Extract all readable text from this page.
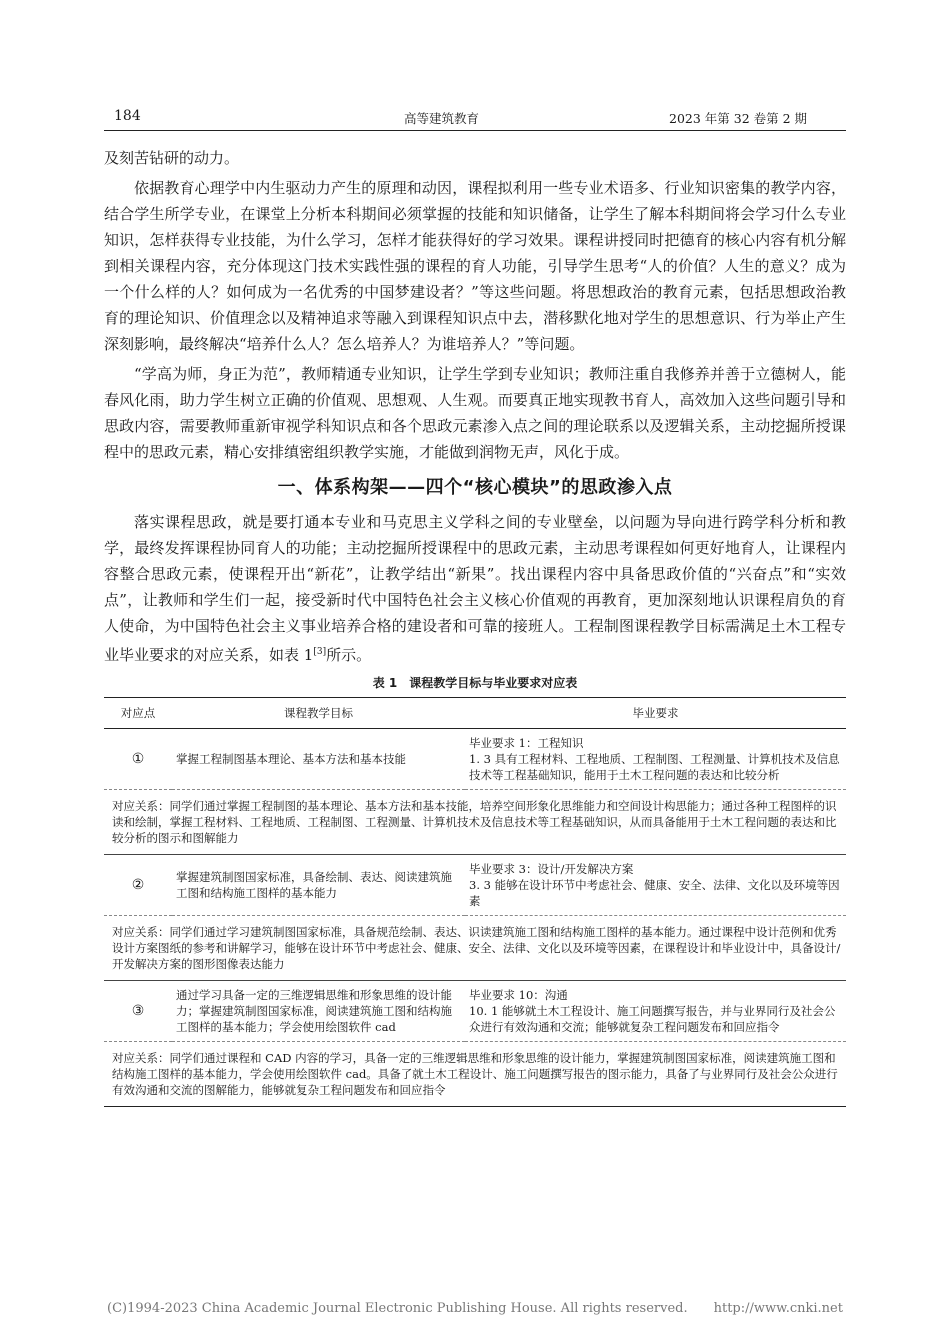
184	高等建筑教育	2023 年第 32 卷第 2 期

及刻苦钻研的动力。

依据教育心理学中内生驱动力产生的原理和动因，课程拟利用一些专业术语多、行业知识密集的教学内容，结合学生所学专业，在课堂上分析本科期间必须掌握的技能和知识储备，让学生了解本科期间将会学习什么专业知识，怎样获得专业技能，为什么学习，怎样才能获得好的学习效果。课程讲授同时把德育的核心内容有机分解到相关课程内容，充分体现这门技术实践性强的课程的育人功能，引导学生思考“人的价值？人生的意义？成为一个什么样的人？如何成为一名优秀的中国梦建设者？”等这些问题。将思想政治的教育元素，包括思想政治教育的理论知识、价值理念以及精神追求等融入到课程知识点中去，潜移默化地对学生的思想意识、行为举止产生深刻影响，最终解决“培养什么人？怎么培养人？为谁培养人？”等问题。

“学高为师，身正为范”，教师精通专业知识，让学生学到专业知识；教师注重自我修养并善于立德树人，能春风化雨，助力学生树立正确的价值观、思想观、人生观。而要真正地实现教书育人，高效加入这些问题引导和思政内容，需要教师重新审视学科知识点和各个思政元素渗入点之间的理论联系以及逻辑关系，主动挖掘所授课程中的思政元素，精心安排缜密组织教学实施，才能做到润物无声，风化于成。

一、体系构架——四个“核心模块”的思政渗入点

落实课程思政，就是要打通本专业和马克思主义学科之间的专业壁垒，以问题为导向进行跨学科分析和教学，最终发挥课程协同育人的功能；主动挖掘所授课程中的思政元素，主动思考课程如何更好地育人，让课程内容整合思政元素，使课程开出“新花”，让教学结出“新果”。找出课程内容中具备思政价值的“兴奋点”和“实效点”，让教师和学生们一起，接受新时代中国特色社会主义核心价值观的再教育，更加深刻地认识课程肩负的育人使命，为中国特色社会主义事业培养合格的建设者和可靠的接班人。工程制图课程教学目标需满足土木工程专业毕业要求的对应关系，如表 1[3]所示。

表 1　课程教学目标与毕业要求对应表
对应点	课程教学目标	毕业要求
①	掌握工程制图基本理论、基本方法和基本技能	毕业要求 1：工程知识
1. 3 具有工程材料、工程地质、工程制图、工程测量、计算机技术及信息技术等工程基础知识，能用于土木工程问题的表达和比较分析

对应关系：同学们通过掌握工程制图的基本理论、基本方法和基本技能，培养空间形象化思维能力和空间设计构思能力；通过各种工程图样的识读和绘制，掌握工程材料、工程地质、工程制图、工程测量、计算机技术及信息技术等工程基础知识，从而具备能用于土木工程问题的表达和比较分析的图示和图解能力		
②	掌握建筑制图国家标准，具备绘制、表达、阅读建筑施工图和结构施工图样的基本能力	毕业要求 3：设计/开发解决方案
3. 3 能够在设计环节中考虑社会、健康、安全、法律、文化以及环境等因素

对应关系：同学们通过学习建筑制图国家标准，具备规范绘制、表达、识读建筑施工图和结构施工图样的基本能力。通过课程中设计范例和优秀设计方案图纸的参考和讲解学习，能够在设计环节中考虑社会、健康、安全、法律、文化以及环境等因素，在课程设计和毕业设计中，具备设计/开发解决方案的图形图像表达能力		
③	通过学习具备一定的三维逻辑思维和形象思维的设计能力；掌握建筑制图国家标准，阅读建筑施工图和结构施工图样的基本能力；学会使用绘图软件 cad	毕业要求 10：沟通
10. 1 能够就土木工程设计、施工问题撰写报告，并与业界同行及社会公众进行有效沟通和交流；能够就复杂工程问题发布和回应指令

对应关系：同学们通过课程和 CAD 内容的学习，具备一定的三维逻辑思维和形象思维的设计能力，掌握建筑制图国家标准，阅读建筑施工图和结构施工图样的基本能力，学会使用绘图软件 cad。具备了就土木工程设计、施工问题撰写报告的图示能力，具备了与业界同行及社会公众进行有效沟通和交流的图解能力，能够就复杂工程问题发布和回应指令		
(C)1994-2023 China Academic Journal Electronic Publishing House. All rights reserved.　　http://www.cnki.net
